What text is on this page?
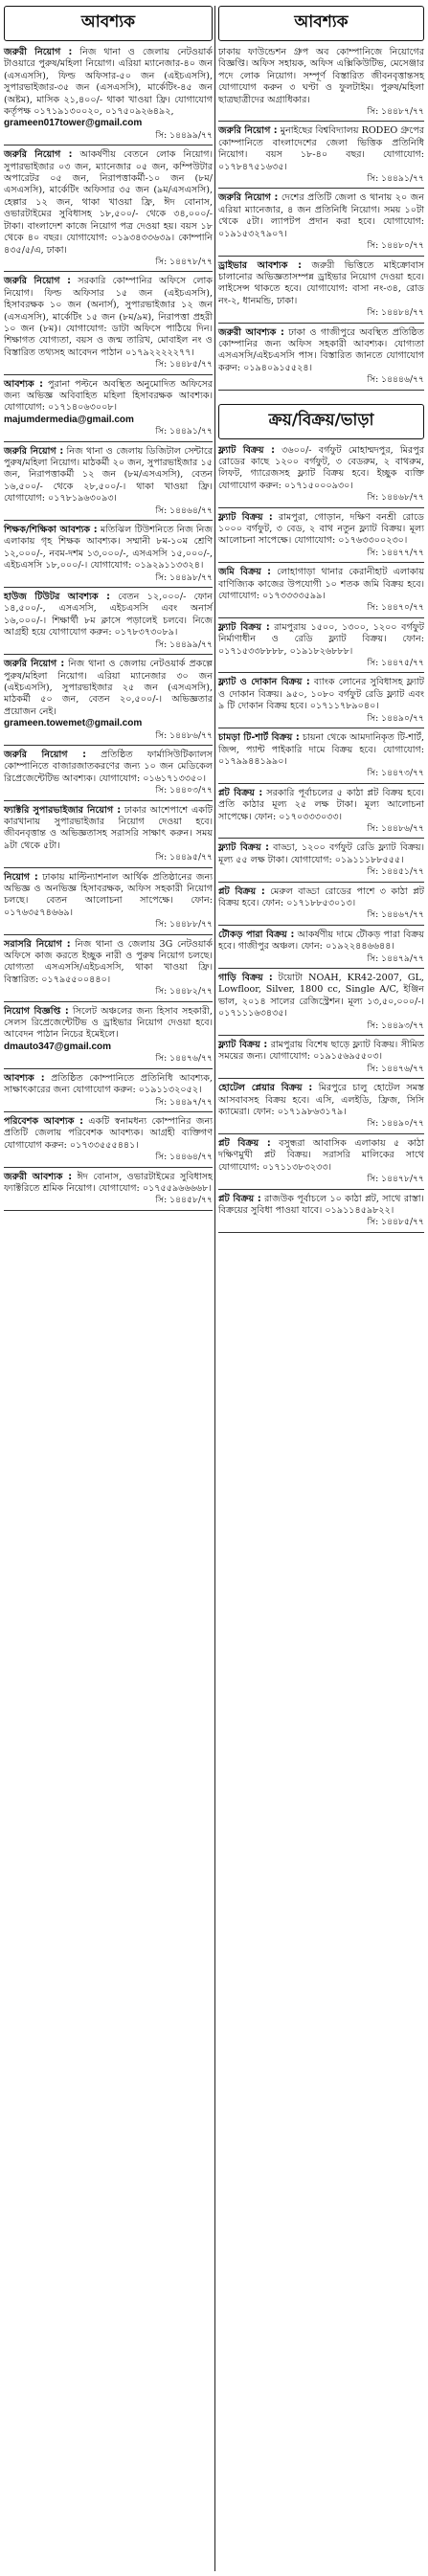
আবশ্যক
জরুরী নিয়োগ : নিজ থানা ও জেলায় নেটওয়ার্ক টাওয়ারে পুরুষ/মহিলা নিয়োগ। এরিয়া ম্যানেজার-৪০ জন (এসএসসি), ফিল্ড অফিসার-৫০ জন (এইচএসসি), সুপারভাইজার-৩৫ জন (এসএসসি), মার্কেটিং-৪৫ জন (অষ্টম), মাসিক ২১,৪০০/- থাকা খাওয়া ফ্রি। যোগাযোগ কর্তৃপক্ষ ০১৭১৯১৩০০২০, ০১৭৫০৯২৬৪৯২,
grameen017tower@gmail.com
সি: ১৪৪৯৯/৭৭
জরুরি নিয়োগ : আকর্ষণীয় বেতনে লোক নিয়োগ। সুপারভাইজার ০৩ জন, ম্যানেজার ০৫ জন, কম্পিউটার অপারেটর ০৫ জন, নিরাপত্তাকর্মী-১০ জন (৮ম/এসএসসি), মার্কেটিং অফিসার ৩৫ জন (৯ম/এসএসসি), হেল্পার ১২ জন, থাকা খাওয়া ফ্রি, ঈদ বোনাস, ওভারটাইমের সুবিধাসহ ১৮,৫০০/- থেকে ৩৪,০০০/- টাকা। বাংলাদেশ কাজে নিয়োগ পত্র দেওয়া হয়। বয়স ১৮ থেকে ৪০ বছর। যোগাযোগ: ০১৯৩৪৩৩৬৩৯। কোম্পানি ৪৩৫/৫/এ, ঢাকা।
সি: ১৪৪৭৮/৭৭
জরুরি নিয়োগ : সরকারি কোম্পানির অফিসে লোক নিয়োগ। ফিল্ড অফিসার ১৫ জন (এইচএসসি), হিসাবরক্ষক ১০ জন (অনার্স), সুপারভাইজার ১২ জন (এসএসসি), মার্কেটিং ১৫ জন (৮ম/৯ম), নিরাপত্তা প্রহরী ১০ জন (৮ম)। যোগাযোগ: ডাটা অফিসে পাঠিয়ে দিন। শিক্ষাগত যোগ্যতা, বয়স ও জন্ম তারিখ, মোবাইল নং ও বিস্তারিত তথ্যসহ আবেদন পাঠান ০১৭৯২২২২২৭৭।
সি: ১৪৪৮৫/৭৭
আবশ্যক : পুরানা পল্টনে অবস্থিত অনুমোদিত অফিসের জন্য অভিজ্ঞ অবিবাহিত মহিলা হিসাবরক্ষক আবশ্যক। যোগাযোগ: ০১৭১৪০৬৩০০৮।
majumdermedia@gmail.com
সি: ১৪৪৯১/৭৭
জরুরি নিয়োগ : নিজ থানা ও জেলায় ডিজিটাল সেন্টারে পুরুষ/মহিলা নিয়োগ। মাঠকর্মী ২০ জন, সুপারভাইজার ১৫ জন, নিরাপত্তাকর্মী ১২ জন (৮ম/এসএসসি), বেতন ১৬,৫০০/- থেকে ২৮,৫০০/-। থাকা খাওয়া ফ্রি। যোগাযোগ: ০১৭৮১৯৬৩০৯৩।
সি: ১৪৪৬৪/৭৭
শিক্ষক/শিক্ষিকা আবশ্যক : মতিঝিল টিউশনিতে নিজ নিজ এলাকায় গৃহ শিক্ষক আবশ্যক। সম্মানী ৮ম-১০ম শ্রেণি ১২,০০০/-, নবম-দশম ১৩,০০০/-, এসএসসি ১৫,০০০/-, এইচএসসি ১৮,০০০/-। যোগাযোগ: ০১৯২৯১১৩৩২৪।
সি: ১৪৪৯৮/৭৭
হাউজ টিউটর আবশ্যক : বেতন ১২,০০০/- ফোন ১৪,৫০০/-, এসএসসি, এইচএসসি এবং অনার্স ১৬,০০০/-। শিক্ষার্থী ৮ম ক্লাসে পড়ালেই চলবে। নিজে আগ্রহী হয়ে যোগাযোগ করুন: ০১৭৮৩৭৩০৮৯।
সি: ১৪৪৯৯/৭৭
জরুরি নিয়োগ : নিজ থানা ও জেলায় নেটওয়ার্ক প্রকল্পে পুরুষ/মহিলা নিয়োগ। এরিয়া ম্যানেজার ৩০ জন (এইচএসসি), সুপারভাইজার ২৫ জন (এসএসসি), মাঠকর্মী ৫০ জন, বেতন ২০,৫০০/-। অভিজ্ঞতার প্রয়োজন নেই।
grameen.towemet@gmail.com
সি: ১৪৪৮৬/৭৭
জরুরি নিয়োগ : প্রতিষ্ঠিত ফার্মাসিউটিক্যালস কোম্পানিতে বাজারজাতকরণের জন্য ১০ জন মেডিকেল রিপ্রেজেন্টেটিভ আবশ্যক। যোগাযোগ: ০১৬১৭১৩৩৫০।
সি: ১৪৪০৩/৭৭
ফ্যাক্টরি সুপারভাইজার নিয়োগ : ঢাকার আশেপাশে একটি কারখানায় সুপারভাইজার নিয়োগ দেওয়া হবে। জীবনবৃত্তান্ত ও অভিজ্ঞতাসহ সরাসরি সাক্ষাৎ করুন। সময় ৯টা থেকে ৫টা।
সি: ১৪৪৯৫/৭৭
নিয়োগ : ঢাকায় মাল্টিন্যাশনাল আর্থিক প্রতিষ্ঠানের জন্য অভিজ্ঞ ও অনভিজ্ঞ হিসাবরক্ষক, অফিস সহকারী নিয়োগ চলছে। বেতন আলোচনা সাপেক্ষে। ফোন: ০১৭৬৩৫৭৪৬৬৯।
সি: ১৪৪৮৮/৭৭
সরাসরি নিয়োগ : নিজ থানা ও জেলায় 3G নেটওয়ার্ক অফিসে কাজ করতে ইচ্ছুক নারী ও পুরুষ নিয়োগ চলছে। যোগ্যতা এসএসসি/এইচএসসি, থাকা খাওয়া ফ্রি। বিস্তারিত: ০১৭৯৫৫০০৪৪০।
সি: ১৪৪৮২/৭৭
নিয়োগ বিজ্ঞপ্তি : সিলেট অঞ্চলের জন্য হিসাব সহকারী, সেলস রিপ্রেজেন্টেটিভ ও ড্রাইভার নিয়োগ দেওয়া হবে। আবেদন পাঠান নিচের ইমেইলে।
dmauto347@gmail.com
সি: ১৪৪৭৬/৭৭
আবশ্যক : প্রতিষ্ঠিত কোম্পানিতে প্রতিনিধি আবশ্যক, সাক্ষাৎকারের জন্য যোগাযোগ করুন: ০১৯১১৩২০৫২।
সি: ১৪৪৯৭/৭৭
পরিবেশক আবশ্যক : একটি স্বনামধন্য কোম্পানির জন্য প্রতিটি জেলায় পরিবেশক আবশ্যক। আগ্রহী ব্যক্তিগণ যোগাযোগ করুন: ০১৭৩৩৫৫৫৪৪১।
সি: ১৪৪৬৪/৭৭
জরুরী আবশ্যক : ঈদ বোনাস, ওভারটাইমের সুবিধাসহ ফ্যাক্টরিতে শ্রমিক নিয়োগ। যোগাযোগ: ০১৭৫৫৯৬৬৬৬৮।
সি: ১৪৪৫৮/৭৭
আবশ্যক
ঢাকায় ফাউন্ডেশন গ্রুপ অব কোম্পানিজে নিয়োগের বিজ্ঞপ্তি। অফিস সহায়ক, অফিস এক্সিকিউটিভ, মেসেঞ্জার পদে লোক নিয়োগ। সম্পূর্ণ বিস্তারিত জীবনবৃত্তান্তসহ যোগাযোগ করুন ৩ ঘণ্টা ও ফুলটাইম। পুরুষ/মহিলা ছাত্রছাত্রীদের অগ্রাধিকার।
সি: ১৪৪৮৭/৭৭
জরুরি নিয়োগ : মুনাইছের বিশ্ববিদ্যালয় RODEO গ্রুপের কোম্পানিতে বাংলাদেশের জেলা ভিত্তিক প্রতিনিধি নিয়োগ। বয়স ১৮-৪০ বছর। যোগাযোগ: ০১৭৮৪৭৫১৬৩৫।
সি: ১৪৪৯১/৭৭
জরুরি নিয়োগ : দেশের প্রতিটি জেলা ও থানায় ২০ জন এরিয়া ম্যানেজার, ৪ জন প্রতিনিধি নিয়োগ। সময় ১০টা থেকে ৫টা। ল্যাপটপ প্রদান করা হবে। যোগাযোগ: ০১৯১৫৩২৭৯০৭।
সি: ১৪৪৮০/৭৭
ড্রাইভার আবশ্যক : জরুরী ভিত্তিতে মাইক্রোবাস চালানোর অভিজ্ঞতাসম্পন্ন ড্রাইভার নিয়োগ দেওয়া হবে। লাইসেন্স থাকতে হবে। যোগাযোগ: বাসা নং-৩৪, রোড নং-২, ধানমন্ডি, ঢাকা।
সি: ১৪৪৮৪/৭৭
জরুরী আবশ্যক : ঢাকা ও গাজীপুরে অবস্থিত প্রতিষ্ঠিত কোম্পানির জন্য অফিস সহকারী আবশ্যক। যোগ্যতা এসএসসি/এইচএসসি পাস। বিস্তারিত জানতে যোগাযোগ করুন: ০১৯৪০৯১৫৫২৪।
সি: ১৪৪৪৬/৭৭
ক্রয়/বিক্রয়/ভাড়া
ফ্ল্যাট বিক্রয় : ৩৬০০/- বর্গফুট মোহাম্মদপুর, মিরপুর রোডের কাছে ১২০০ বর্গফুট, ৩ বেডরুম, ২ বাথরুম, লিফট, গ্যারেজসহ ফ্ল্যাট বিক্রয় হবে। ইচ্ছুক ব্যক্তি যোগাযোগ করুন: ০১৭১৫০০০৯৩০।
সি: ১৪৪৬৮/৭৭
ফ্ল্যাট বিক্রয় : রামপুরা, গোড়ান, দক্ষিণ বনশ্রী রোডে ১০০০ বর্গফুট, ৩ বেড, ২ বাথ নতুন ফ্ল্যাট বিক্রয়। মূল্য আলোচনা সাপেক্ষে। যোগাযোগ: ০১৭৬৩৩০০২৩০।
সি: ১৪৪৭৭/৭৭
জমি বিক্রয় : লোহাগাড়া থানার কেরানীহাট এলাকায় বাণিজ্যিক কাজের উপযোগী ১০ শতক জমি বিক্রয় হবে। যোগাযোগ: ০১৭৩৩৩৩৫৯৯।
সি: ১৪৪৭০/৭৭
ফ্ল্যাট বিক্রয় : রামপুরায় ১৫০০, ১৩০০, ১২০০ বর্গফুট নির্মাণাধীন ও রেডি ফ্ল্যাট বিক্রয়। ফোন: ০১৭১৫৩৩৮৮৮৮, ০১৯১৮২৬৮৮৮।
সি: ১৪৪৭৫/৭৭
ফ্ল্যাট ও দোকান বিক্রয় : ব্যাংক লোনের সুবিধাসহ ফ্ল্যাট ও দোকান বিক্রয়। ৯৫০, ১০৮০ বর্গফুট রেডি ফ্ল্যাট এবং ৯ টি দোকান বিক্রয় হবে। ০১৭১১৭৮৯০৪০।
সি: ১৪৪৯০/৭৭
চামড়া টি-শার্ট বিক্রয় : চায়না থেকে আমদানিকৃত টি-শার্ট, জিন্স, প্যান্ট পাইকারি দামে বিক্রয় হবে। যোগাযোগ: ০১৭৯৯৪৪১৯৯০।
সি: ১৪৪৭৩/৭৭
প্লট বিক্রয় : সরকারি পূর্বাচলের ৫ কাঠা প্লট বিক্রয় হবে। প্রতি কাঠার মূল্য ২৫ লক্ষ টাকা। মূল্য আলোচনা সাপেক্ষে। ফোন: ০১৭০৩৩৩০৩৩।
সি: ১৪৪৮৬/৭৭
ফ্ল্যাট বিক্রয় : বাড্ডা, ১২০০ বর্গফুট রেডি ফ্ল্যাট বিক্রয়। মূল্য ৫৫ লক্ষ টাকা। যোগাযোগ: ০১৯১১১৮৮৫৫৫।
সি: ১৪৪৫১/৭৭
প্লট বিক্রয় : মেরুল বাড্ডা রোডের পাশে ৩ কাঠা প্লট বিক্রয় হবে। ফোন: ০১৭১৮৮৫৩০১৩।
সি: ১৪৪৬৭/৭৭
টৌকড় পারা বিক্রয় : আকর্ষণীয় দামে টৌকড় পারা বিক্রয় হবে। গাজীপুর অঞ্চল। ফোন: ০১৯২২৪৪৬৬৪৪।
সি: ১৪৪৭৯/৭৭
গাড়ি বিক্রয় : টয়োটা NOAH, KR42-2007, GL, Lowfloor, Silver, 1800 cc, Single A/C, ইঞ্জিন ভাল, ২০১৪ সালের রেজিস্ট্রেশন। মূল্য ১৩,৫০,০০০/-। ০১৭১১১৬৩৪৩৫।
সি: ১৪৪৯৩/৭৭
ফ্ল্যাট বিক্রয় : রামপুরায় বিশেষ ছাড়ে ফ্ল্যাট বিক্রয়। সীমিত সময়ের জন্য। যোগাযোগ: ০১৯১৫৬৯৫৫০৩।
সি: ১৪৪৭৬/৭৭
হোটেল প্লেয়ার বিক্রয় : মিরপুরে চালু হোটেল সমস্ত আসবাবসহ বিক্রয় হবে। এসি, এলইডি, ফ্রিজ, সিসি ক্যামেরা। ফোন: ০১৭১৯৮৬৩১৭৯।
সি: ১৪৪৯০/৭৭
প্লট বিক্রয় : বসুন্ধরা আবাসিক এলাকায় ৫ কাঠা দক্ষিণমুখী প্লট বিক্রয়। সরাসরি মালিকের সাথে যোগাযোগ: ০১৭১১৩৮৩২৩৩।
সি: ১৪৪৭৮/৭৭
প্লট বিক্রয় : রাজউক পূর্বাচলে ১০ কাঠা প্লট, সাথে রাস্তা। বিক্রয়ের সুবিধা পাওয়া যাবে। ০১৯১১৪৫৯৮২২।
সি: ১৪৪৮৫/৭৭
